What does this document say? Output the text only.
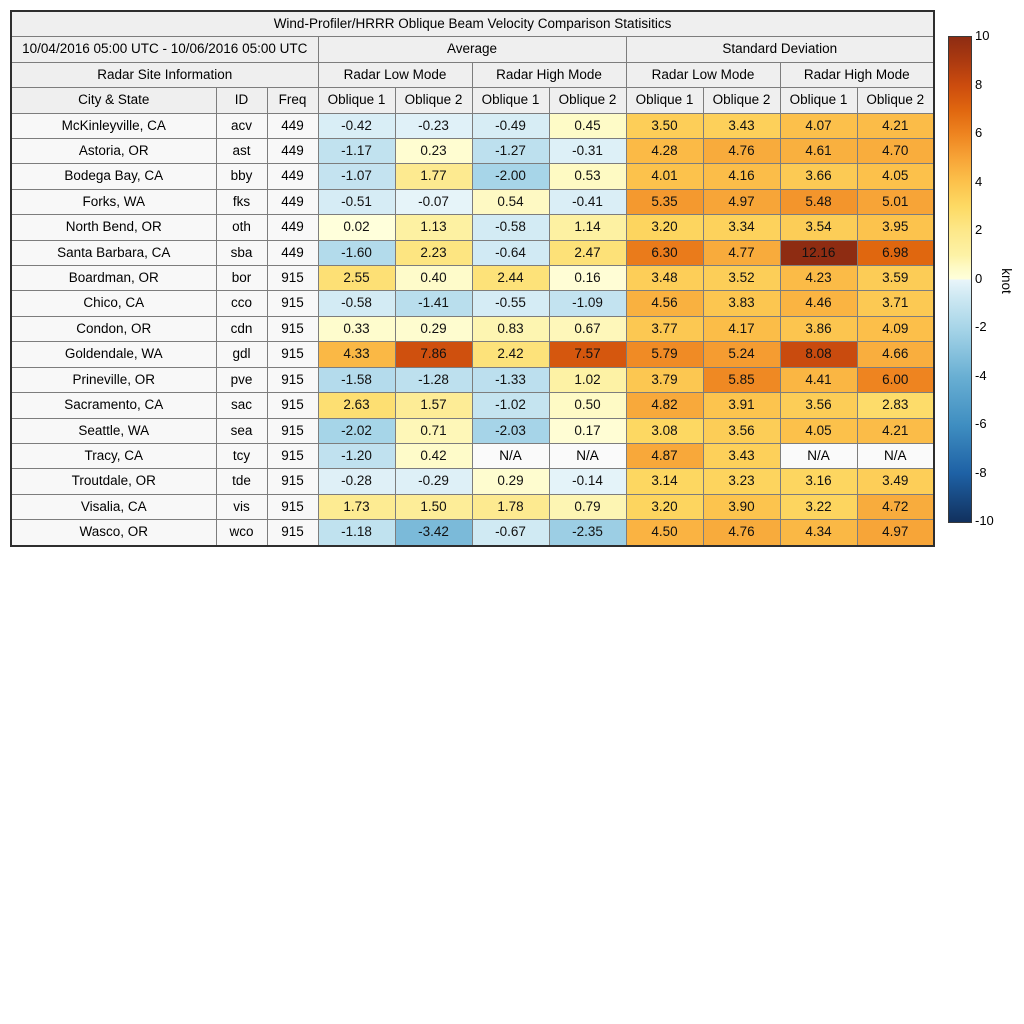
Wind-Profiler/HRRR Oblique Beam Velocity Comparison Statisitics										
10/04/2016 05:00 UTC - 10/06/2016 05:00 UTC			Average				Standard Deviation			
Radar Site Information			Radar Low Mode		Radar High Mode		Radar Low Mode		Radar High Mode	
City & State	ID	Freq	Oblique 1	Oblique 2	Oblique 1	Oblique 2	Oblique 1	Oblique 2	Oblique 1	Oblique 2
McKinleyville, CA	acv	449	-0.42	-0.23	-0.49	0.45	3.50	3.43	4.07	4.21
Astoria, OR	ast	449	-1.17	0.23	-1.27	-0.31	4.28	4.76	4.61	4.70
Bodega Bay, CA	bby	449	-1.07	1.77	-2.00	0.53	4.01	4.16	3.66	4.05
Forks, WA	fks	449	-0.51	-0.07	0.54	-0.41	5.35	4.97	5.48	5.01
North Bend, OR	oth	449	0.02	1.13	-0.58	1.14	3.20	3.34	3.54	3.95
Santa Barbara, CA	sba	449	-1.60	2.23	-0.64	2.47	6.30	4.77	12.16	6.98
Boardman, OR	bor	915	2.55	0.40	2.44	0.16	3.48	3.52	4.23	3.59
Chico, CA	cco	915	-0.58	-1.41	-0.55	-1.09	4.56	3.83	4.46	3.71
Condon, OR	cdn	915	0.33	0.29	0.83	0.67	3.77	4.17	3.86	4.09
Goldendale, WA	gdl	915	4.33	7.86	2.42	7.57	5.79	5.24	8.08	4.66
Prineville, OR	pve	915	-1.58	-1.28	-1.33	1.02	3.79	5.85	4.41	6.00
Sacramento, CA	sac	915	2.63	1.57	-1.02	0.50	4.82	3.91	3.56	2.83
Seattle, WA	sea	915	-2.02	0.71	-2.03	0.17	3.08	3.56	4.05	4.21
Tracy, CA	tcy	915	-1.20	0.42	N/A	N/A	4.87	3.43	N/A	N/A
Troutdale, OR	tde	915	-0.28	-0.29	0.29	-0.14	3.14	3.23	3.16	3.49
Visalia, CA	vis	915	1.73	1.50	1.78	0.79	3.20	3.90	3.22	4.72
Wasco, OR	wco	915	-1.18	-3.42	-0.67	-2.35	4.50	4.76	4.34	4.97
10
8
6
4
2
0
-2
-4
-6
-8
-10
knot
